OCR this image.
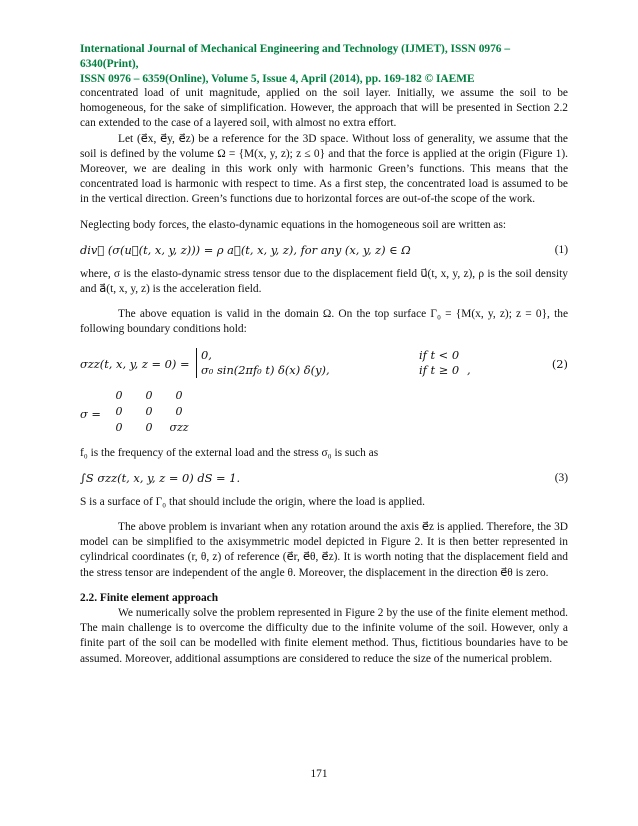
International Journal of Mechanical Engineering and Technology (IJMET), ISSN 0976 – 6340(Print),
ISSN 0976 – 6359(Online), Volume 5, Issue 4, April (2014), pp. 169-182 © IAEME

concentrated load of unit magnitude, applied on the soil layer. Initially, we assume the soil to be homogeneous, for the sake of simplification. However, the approach that will be presented in Section 2.2 can extended to the case of a layered soil, with almost no extra effort.

Let (e⃗x, e⃗y, e⃗z) be a reference for the 3D space. Without loss of generality, we assume that the soil is defined by the volume Ω = {M(x, y, z); z ≤ 0} and that the force is applied at the origin (Figure 1). Moreover, we are dealing in this work only with harmonic Green’s functions. This means that the concentrated load is harmonic with respect to time. As a first step, the concentrated load is assumed to be in the vertical direction. Green’s functions due to horizontal forces are out-of-the scope of the work.

Neglecting body forces, the elasto-dynamic equations in the homogeneous soil are written as:

div⃗ (σ(u⃗(t, x, y, z))) = ρ a⃗(t, x, y, z), for any (x, y, z) ∈ Ω	(1)

where, σ is the elasto-dynamic stress tensor due to the displacement field u⃗(t, x, y, z), ρ is the soil density and a⃗(t, x, y, z) is the acceleration field.

The above equation is valid in the domain Ω. On the top surface Γ₀ = {M(x, y, z); z = 0}, the following boundary conditions hold:

σzz(t, x, y, z = 0) =
0,	if t < 0
σ₀ sin(2πf₀ t) δ(x) δ(y),	if t ≥ 0 ,	(2)
σ =
0	0	0
0	0	0
0	0	σzz

f₀ is the frequency of the external load and the stress σ₀ is such as

∫S σzz(t, x, y, z = 0) dS = 1.	(3)

S is a surface of Γ₀ that should include the origin, where the load is applied.

The above problem is invariant when any rotation around the axis e⃗z is applied. Therefore, the 3D model can be simplified to the axisymmetric model depicted in Figure 2. It is then better represented in cylindrical coordinates (r, θ, z) of reference (e⃗r, e⃗θ, e⃗z). It is worth noting that the displacement field and the stress tensor are independent of the angle θ. Moreover, the displacement in the direction e⃗θ is zero.

2.2. Finite element approach

We numerically solve the problem represented in Figure 2 by the use of the finite element method. The main challenge is to overcome the difficulty due to the infinite volume of the soil. However, only a finite part of the soil can be modelled with finite element method. Thus, fictitious boundaries have to be assumed. Moreover, additional assumptions are considered to reduce the size of the numerical problem.

171
